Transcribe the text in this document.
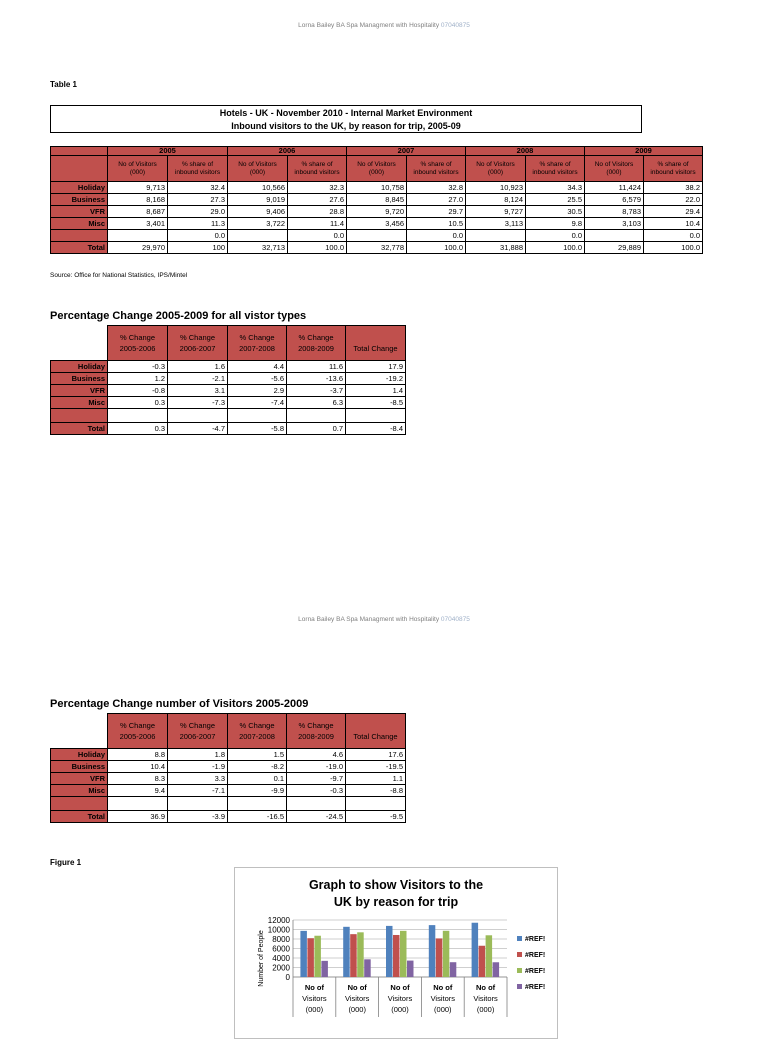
Lorna Bailey BA Spa Managment with Hospitality 07040875
Table 1
Hotels - UK - November 2010 - Internal Market Environment
Inbound visitors to the UK, by reason for trip, 2005-09
	2005		2006		2007		2008		2009	
	No of Visitors (000)	% share of inbound visitors	No of Visitors (000)	% share of inbound visitors	No of Visitors (000)	% share of inbound visitors	No of Visitors (000)	% share of inbound visitors	No of Visitors (000)	% share of inbound visitors
Holiday	9,713	32.4	10,566	32.3	10,758	32.8	10,923	34.3	11,424	38.2
Business	8,168	27.3	9,019	27.6	8,845	27.0	8,124	25.5	6,579	22.0
VFR	8,687	29.0	9,406	28.8	9,720	29.7	9,727	30.5	8,783	29.4
Misc	3,401	11.3	3,722	11.4	3,456	10.5	3,113	9.8	3,103	10.4
		0.0		0.0		0.0		0.0		0.0
Total	29,970	100	32,713	100.0	32,778	100.0	31,888	100.0	29,889	100.0
Source: Office for National Statistics, IPS/Mintel
Percentage Change 2005-2009 for all vistor types
	% Change 2005-2006	% Change 2006-2007	% Change 2007-2008	% Change 2008-2009	Total Change
Holiday	-0.3	1.6	4.4	11.6	17.9
Business	1.2	-2.1	-5.6	-13.6	-19.2
VFR	-0.8	3.1	2.9	-3.7	1.4
Misc	0.3	-7.3	-7.4	6.3	-8.5

Total	0.3	-4.7	-5.8	0.7	-8.4
Lorna Bailey BA Spa Managment with Hospitality 07040875
Percentage Change number of Visitors 2005-2009
	% Change 2005-2006	% Change 2006-2007	% Change 2007-2008	% Change 2008-2009	Total Change
Holiday	8.8	1.8	1.5	4.6	17.6
Business	10.4	-1.9	-8.2	-19.0	-19.5
VFR	8.3	3.3	0.1	-9.7	1.1
Misc	9.4	-7.1	-9.9	-0.3	-8.8

Total	36.9	-3.9	-16.5	-24.5	-9.5
Figure 1
Graph to show Visitors to the
UK by reason for trip
0
2000
4000
6000
8000
10000
12000
Number of People
No of
Visitors
(000)
No of
Visitors
(000)
No of
Visitors
(000)
No of
Visitors
(000)
No of
Visitors
(000)
#REF!
#REF!
#REF!
#REF!
